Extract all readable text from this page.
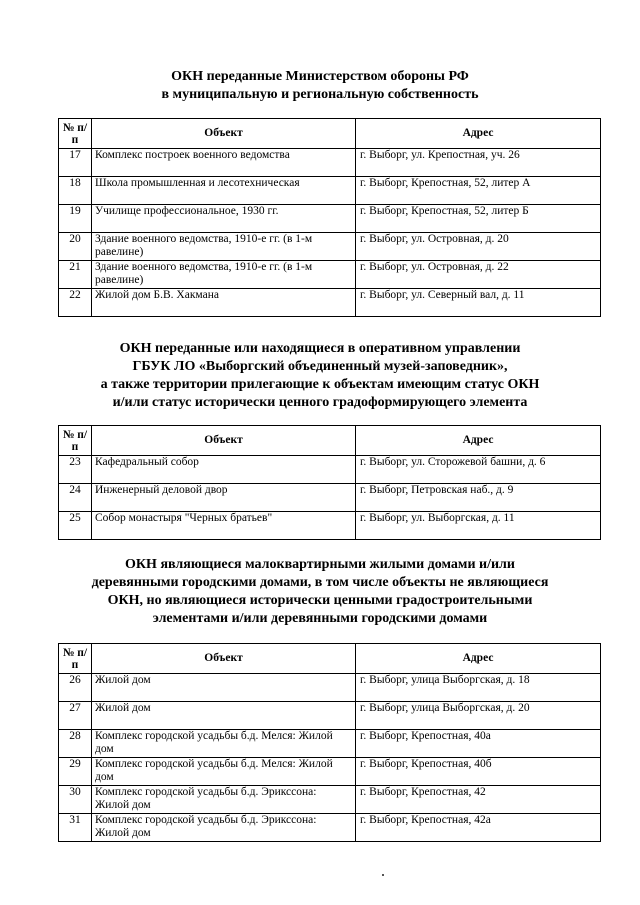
ОКН переданные Министерством обороны РФ
в муниципальную и региональную собственность
№ п/п	Объект	Адрес
17	Комплекс построек военного ведомства	г. Выборг, ул. Крепостная, уч. 26
18	Школа промышленная и лесотехническая	г. Выборг, Крепостная, 52, литер А
19	Училище профессиональное, 1930 гг.	г. Выборг, Крепостная, 52, литер Б
20	Здание военного ведомства, 1910-е гг. (в 1-м равелине)	г. Выборг, ул. Островная, д. 20
21	Здание военного ведомства, 1910-е гг. (в 1-м равелине)	г. Выборг, ул. Островная, д. 22
22	Жилой дом Б.В. Хакмана	г. Выборг, ул. Северный вал, д. 11
ОКН переданные или находящиеся в оперативном управлении
ГБУК ЛО «Выборгский объединенный музей-заповедник»,
а также территории прилегающие к объектам имеющим статус ОКН
и/или статус исторически ценного градоформирующего элемента
№ п/п	Объект	Адрес
23	Кафедральный собор	г. Выборг, ул. Сторожевой башни, д. 6
24	Инженерный деловой двор	г. Выборг, Петровская наб., д. 9
25	Собор монастыря "Черных братьев"	г. Выборг, ул. Выборгская, д. 11
ОКН являющиеся малоквартирными жилыми домами и/или
деревянными городскими домами, в том числе объекты не являющиеся
ОКН, но являющиеся исторически ценными градостроительными
элементами и/или деревянными городскими домами
№ п/п	Объект	Адрес
26	Жилой дом	г. Выборг, улица Выборгская, д. 18
27	Жилой дом	г. Выборг, улица Выборгская, д. 20
28	Комплекс городской усадьбы б.д. Мелся: Жилой дом	г. Выборг, Крепостная, 40а
29	Комплекс городской усадьбы б.д. Мелся: Жилой дом	г. Выборг, Крепостная, 40б
30	Комплекс городской усадьбы б.д. Эрикссона: Жилой дом	г. Выборг, Крепостная, 42
31	Комплекс городской усадьбы б.д. Эрикссона: Жилой дом	г. Выборг, Крепостная, 42а
